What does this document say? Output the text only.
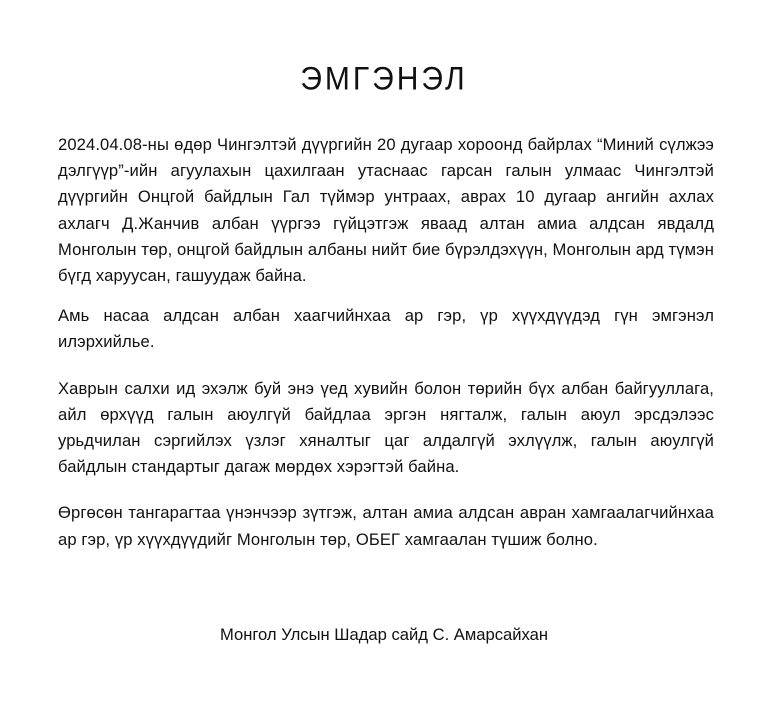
ЭМГЭНЭЛ

2024.04.08-ны өдөр Чингэлтэй дүүргийн 20 дугаар хороонд байрлах “Миний сүлжээ дэлгүүр”-ийн агуулахын цахилгаан утаснаас гарсан галын улмаас Чингэлтэй дүүргийн Онцгой байдлын Гал түймэр унтраах, аврах 10 дугаар ангийн ахлах ахлагч Д.Жанчив албан үүргээ гүйцэтгэж яваад алтан амиа алдсан явдалд Монголын төр, онцгой байдлын албаны нийт бие бүрэлдэхүүн, Монголын ард түмэн бүгд харуусан, гашуудаж байна.

Амь насаа алдсан албан хаагчийнхаа ар гэр, үр хүүхдүүдэд гүн эмгэнэл илэрхийлье.

Хаврын салхи ид эхэлж буй энэ үед хувийн болон төрийн бүх албан байгууллага, айл өрхүүд галын аюулгүй байдлаа эргэн нягталж, галын аюул эрсдэлээс урьдчилан сэргийлэх үзлэг хяналтыг цаг алдалгүй эхлүүлж, галын аюулгүй байдлын стандартыг дагаж мөрдөх хэрэгтэй байна.

Өргөсөн тангарагтаа үнэнчээр зүтгэж, алтан амиа алдсан авран хамгаалагчийнхаа ар гэр, үр хүүхдүүдийг Монголын төр, ОБЕГ хамгаалан түшиж болно.

Монгол Улсын Шадар сайд С. Амарсайхан
